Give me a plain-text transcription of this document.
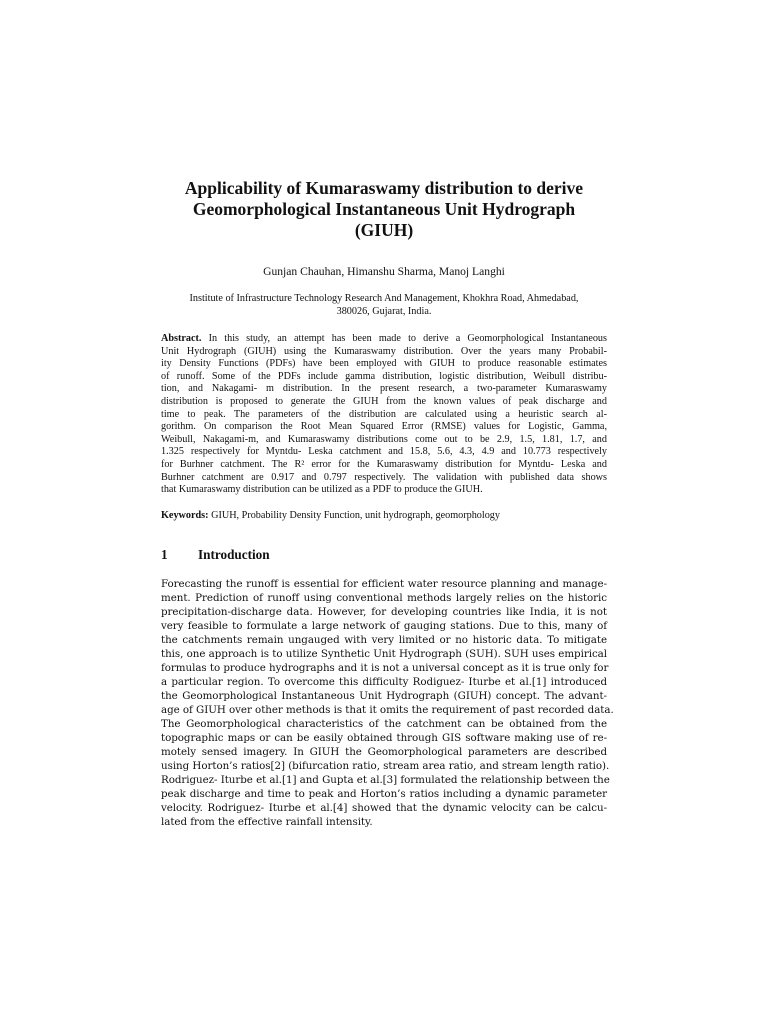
Applicability of Kumaraswamy distribution to derive
Geomorphological Instantaneous Unit Hydrograph
(GIUH)
Gunjan Chauhan, Himanshu Sharma, Manoj Langhi
Institute of Infrastructure Technology Research And Management, Khokhra Road, Ahmedabad,
380026, Gujarat, India.
Abstract. In this study, an attempt has been made to derive a Geomorphological Instantaneous
Unit Hydrograph (GIUH) using the Kumaraswamy distribution. Over the years many Probabil-
ity Density Functions (PDFs) have been employed with GIUH to produce reasonable estimates
of runoff. Some of the PDFs include gamma distribution, logistic distribution, Weibull distribu-
tion, and Nakagami- m distribution. In the present research, a two-parameter Kumaraswamy
distribution is proposed to generate the GIUH from the known values of peak discharge and
time to peak. The parameters of the distribution are calculated using a heuristic search al-
gorithm. On comparison the Root Mean Squared Error (RMSE) values for Logistic, Gamma,
Weibull, Nakagami-m, and Kumaraswamy distributions come out to be 2.9, 1.5, 1.81, 1.7, and
1.325 respectively for Myntdu- Leska catchment and 15.8, 5.6, 4.3, 4.9 and 10.773 respectively
for Burhner catchment. The R² error for the Kumaraswamy distribution for Myntdu- Leska and
Burhner catchment are 0.917 and 0.797 respectively. The validation with published data shows
that Kumaraswamy distribution can be utilized as a PDF to produce the GIUH.
Keywords: GIUH, Probability Density Function, unit hydrograph, geomorphology
1 Introduction
Forecasting the runoff is essential for efficient water resource planning and manage-
ment. Prediction of runoff using conventional methods largely relies on the historic
precipitation-discharge data. However, for developing countries like India, it is not
very feasible to formulate a large network of gauging stations. Due to this, many of
the catchments remain ungauged with very limited or no historic data. To mitigate
this, one approach is to utilize Synthetic Unit Hydrograph (SUH). SUH uses empirical
formulas to produce hydrographs and it is not a universal concept as it is true only for
a particular region. To overcome this difficulty Rodiguez- Iturbe et al.[1] introduced
the Geomorphological Instantaneous Unit Hydrograph (GIUH) concept. The advant-
age of GIUH over other methods is that it omits the requirement of past recorded data.
The Geomorphological characteristics of the catchment can be obtained from the
topographic maps or can be easily obtained through GIS software making use of re-
motely sensed imagery. In GIUH the Geomorphological parameters are described
using Horton’s ratios[2] (bifurcation ratio, stream area ratio, and stream length ratio).
Rodriguez- Iturbe et al.[1] and Gupta et al.[3] formulated the relationship between the
peak discharge and time to peak and Horton’s ratios including a dynamic parameter
velocity. Rodriguez- Iturbe et al.[4] showed that the dynamic velocity can be calcu-
lated from the effective rainfall intensity.
